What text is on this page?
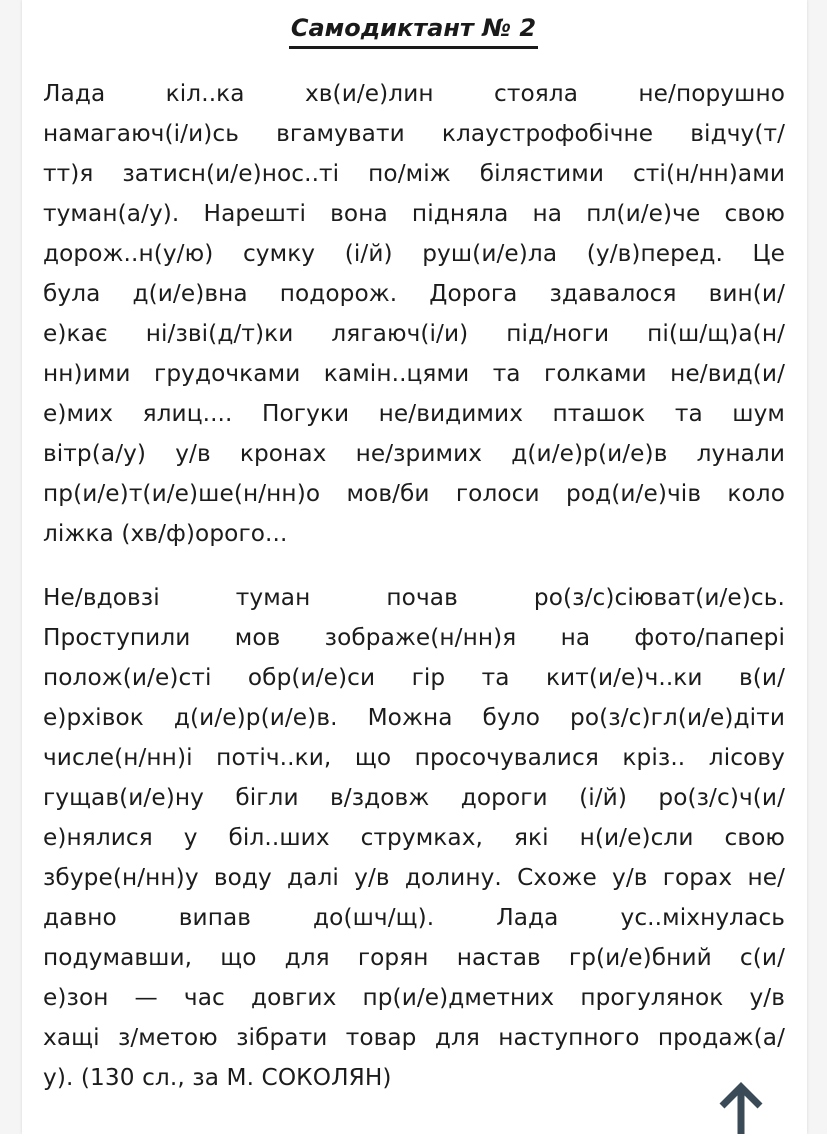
Самодиктант № 2
Лада кіл..ка хв(и/е)лин стояла не/порушно
намагаюч(і/и)сь вгамувати клаустрофобічне відчу(т/
тт)я затисн(и/е)нос..ті по/між білястими сті(н/нн)ами
туман(а/у). Нарешті вона підняла на пл(и/е)че свою
дорож..н(у/ю) сумку (і/й) руш(и/е)ла (у/в)перед. Це
була д(и/е)вна подорож. Дорога здавалося вин(и/
е)кає ні/зві(д/т)ки лягаюч(і/и) під/ноги пі(ш/щ)а(н/
нн)ими грудочками камін..цями та голками не/вид(и/
е)мих ялиц.... Погуки не/видимих пташок та шум
вітр(а/у) у/в кронах не/зримих д(и/е)р(и/е)в лунали
пр(и/е)т(и/е)ше(н/нн)о мов/би голоси род(и/е)чів коло
ліжка (хв/ф)орого...
Не/вдовзі туман почав ро(з/с)сіюват(и/е)сь.
Проступили мов зображе(н/нн)я на фото/папері
полож(и/е)сті обр(и/е)си гір та кит(и/е)ч..ки в(и/
е)рхівок д(и/е)р(и/е)в. Можна було ро(з/с)гл(и/е)діти
числе(н/нн)і потіч..ки, що просочувалися кріз.. лісову
гущав(и/е)ну бігли в/здовж дороги (і/й) ро(з/с)ч(и/
е)нялися у біл..ших струмках, які н(и/е)сли свою
збуре(н/нн)у воду далі у/в долину. Схоже у/в горах не/
давно випав до(шч/щ). Лада ус..міхнулась
подумавши, що для горян настав гр(и/е)бний с(и/
е)зон — час довгих пр(и/е)дметних прогулянок у/в
хащі з/метою зібрати товар для наступного продаж(а/
у). (130 сл., за М. СОКОЛЯН)
